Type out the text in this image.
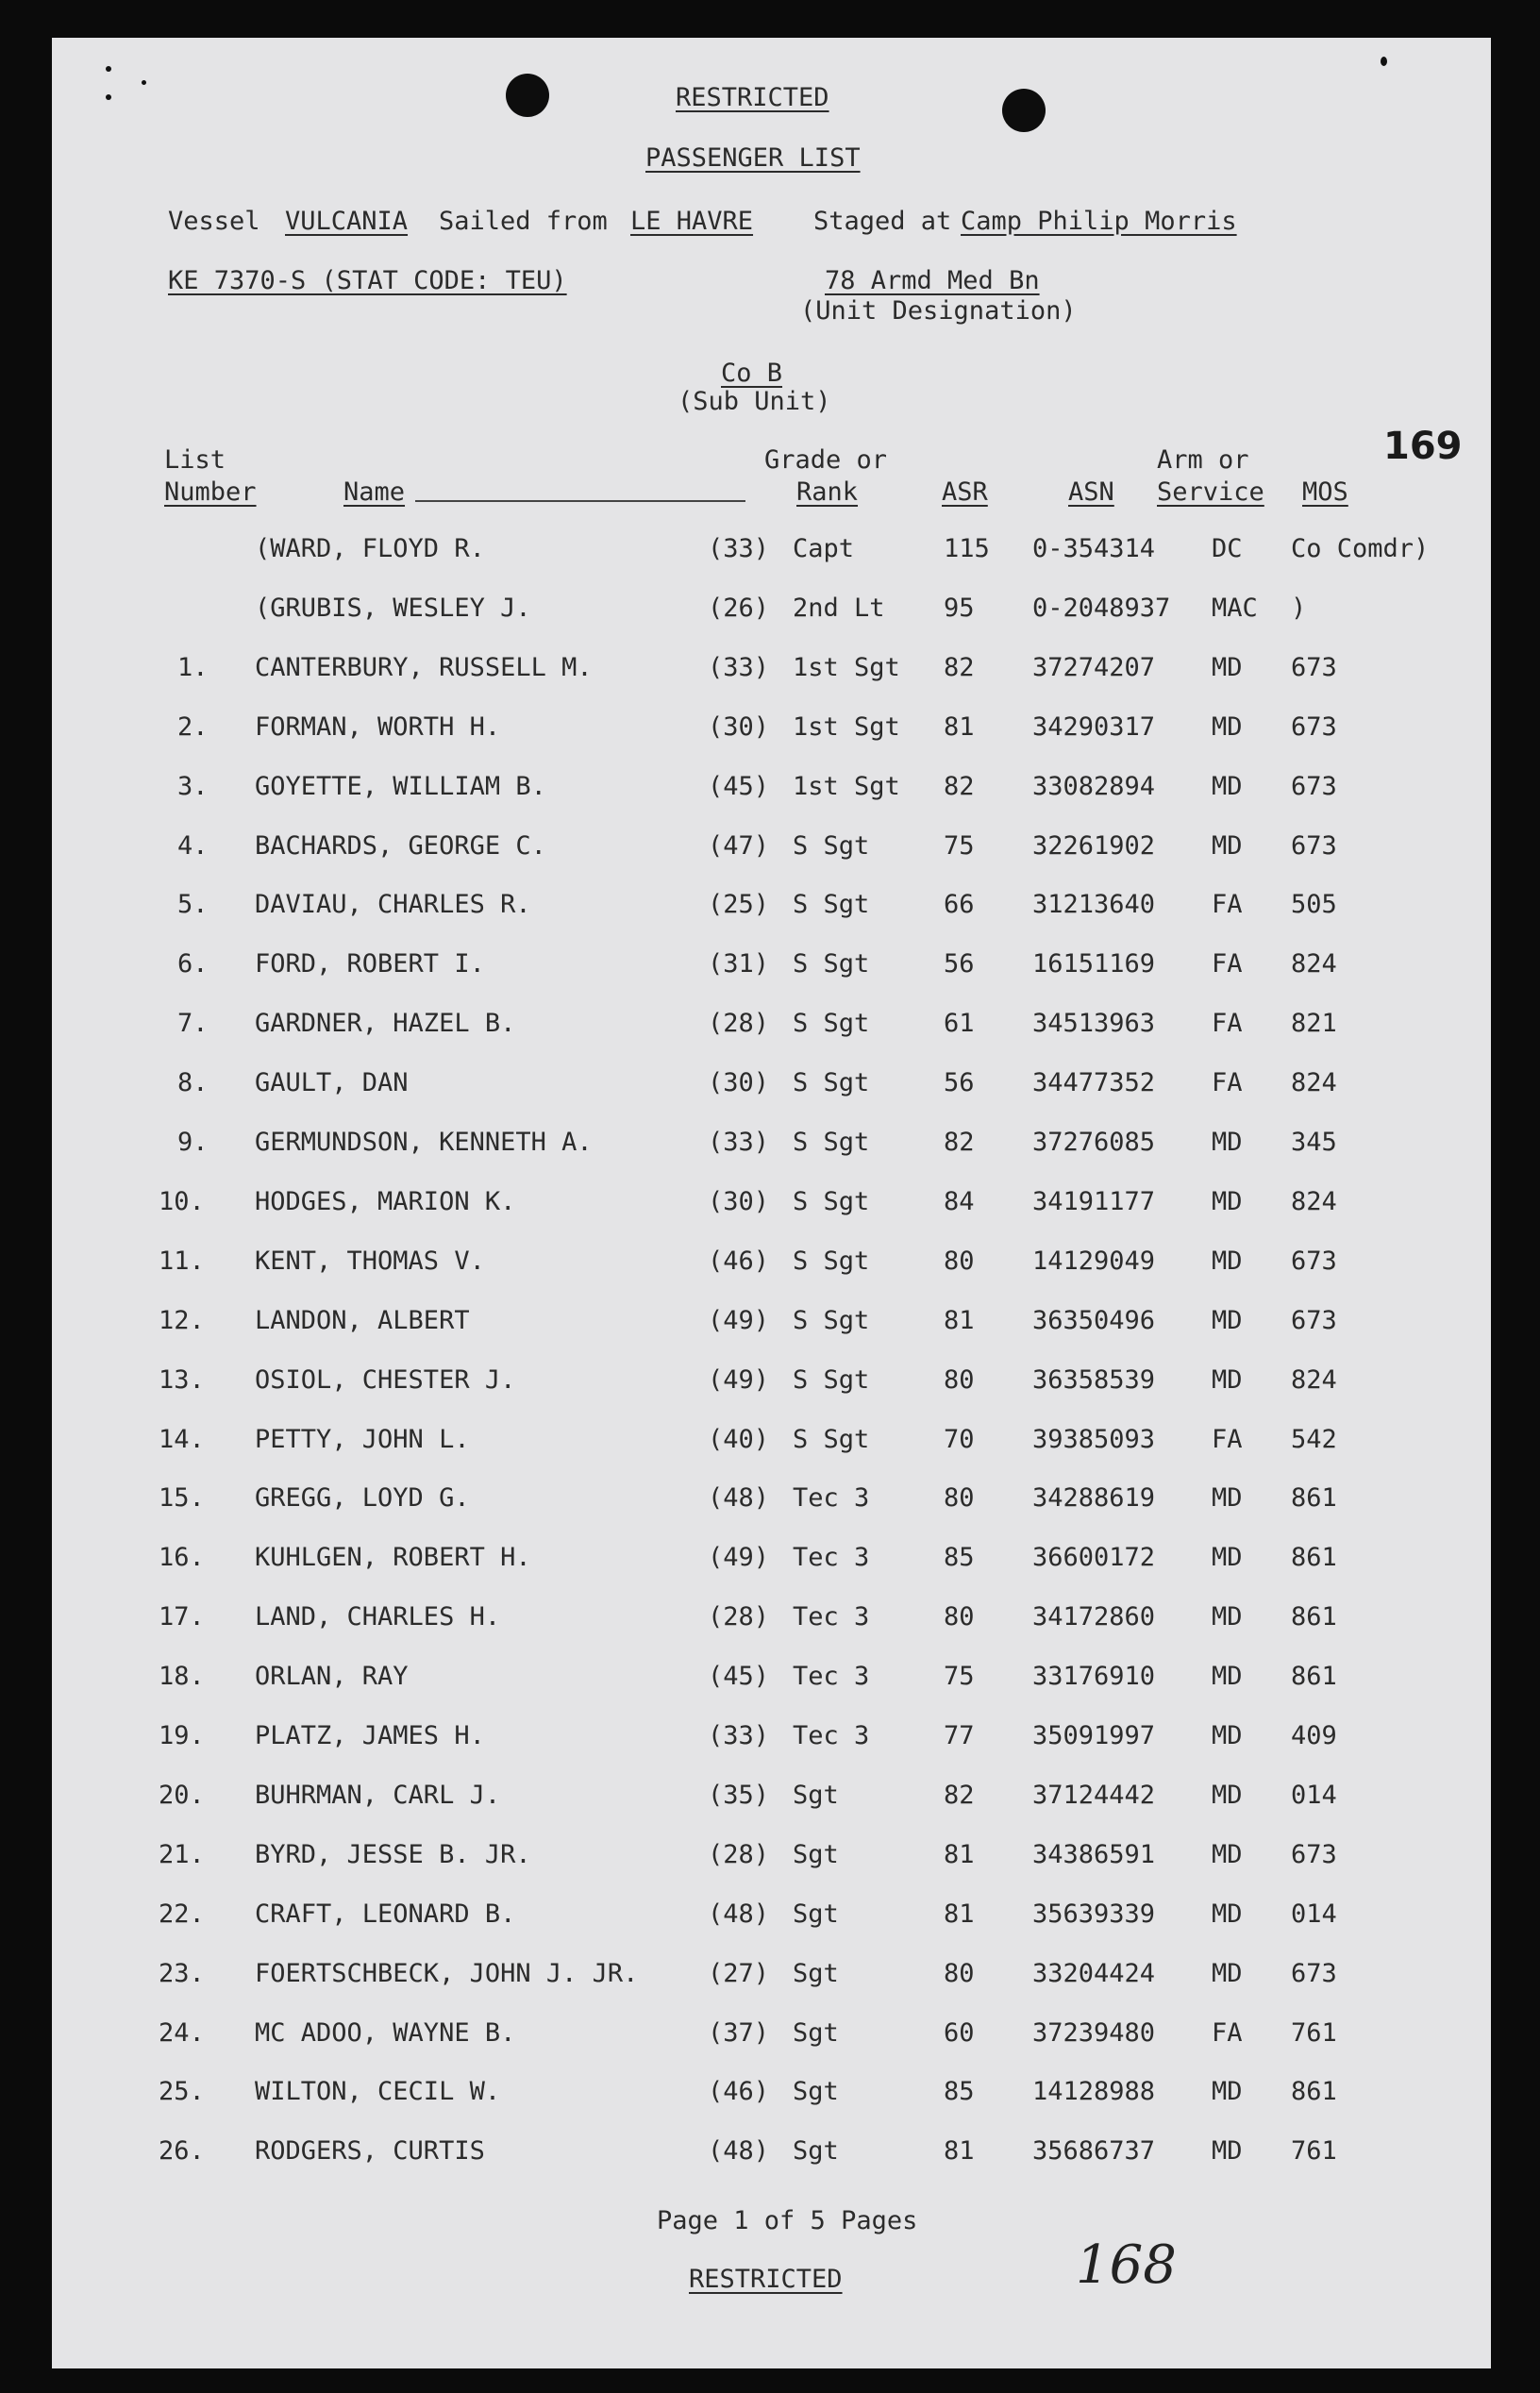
RESTRICTED
PASSENGER LIST
Vessel VULCANIA Sailed from LE HAVRE Staged at Camp Philip Morris
KE 7370-S (STAT CODE: TEU)	78 Armd Med Bn
(Unit Designation)
Co B
(Sub Unit)
169
List
Number	Name
Grade or
Rank	ASR	ASN
Arm or
Service MOS
(WARD, FLOYD R.	(33) Capt	115 0-354314 DC Co Comdr)
(GRUBIS, WESLEY J.	(26) 2nd Lt 95 0-2048937 MAC )
1. CANTERBURY, RUSSELL M.	(33) 1st Sgt 82 37274207 MD 673
2. FORMAN, WORTH H.	(30) 1st Sgt 81 34290317 MD 673
3. GOYETTE, WILLIAM B.	(45) 1st Sgt 82 33082894 MD 673
4. BACHARDS, GEORGE C.	(47) S Sgt	75 32261902 MD 673
5. DAVIAU, CHARLES R.	(25) S Sgt	66 31213640 FA 505
6. FORD, ROBERT I.	(31) S Sgt	56 16151169 FA 824
7. GARDNER, HAZEL B.	(28) S Sgt	61 34513963 FA 821
8. GAULT, DAN	(30) S Sgt	56 34477352 FA 824
9. GERMUNDSON, KENNETH A.	(33) S Sgt	82 37276085 MD 345
10. HODGES, MARION K.	(30) S Sgt	84 34191177 MD 824
11. KENT, THOMAS V.	(46) S Sgt	80 14129049 MD 673
12. LANDON, ALBERT	(49) S Sgt	81 36350496 MD 673
13. OSIOL, CHESTER J.	(49) S Sgt	80 36358539 MD 824
14. PETTY, JOHN L.	(40) S Sgt	70 39385093 FA 542
15. GREGG, LOYD G.	(48) Tec 3	80 34288619 MD 861
16. KUHLGEN, ROBERT H.	(49) Tec 3	85 36600172 MD 861
17. LAND, CHARLES H.	(28) Tec 3	80 34172860 MD 861
18. ORLAN, RAY	(45) Tec 3	75 33176910 MD 861
19. PLATZ, JAMES H.	(33) Tec 3	77 35091997 MD 409
20. BUHRMAN, CARL J.	(35) Sgt	82 37124442 MD 014
21. BYRD, JESSE B. JR.	(28) Sgt	81 34386591 MD 673
22. CRAFT, LEONARD B.	(48) Sgt	81 35639339 MD 014
23. FOERTSCHBECK, JOHN J. JR.	(27) Sgt	80 33204424 MD 673
24. MC ADOO, WAYNE B.	(37) Sgt	60 37239480 FA 761
25. WILTON, CECIL W.	(46) Sgt	85 14128988 MD 861
26. RODGERS, CURTIS	(48) Sgt	81 35686737 MD 761
Page 1 of 5 Pages
RESTRICTED	168
